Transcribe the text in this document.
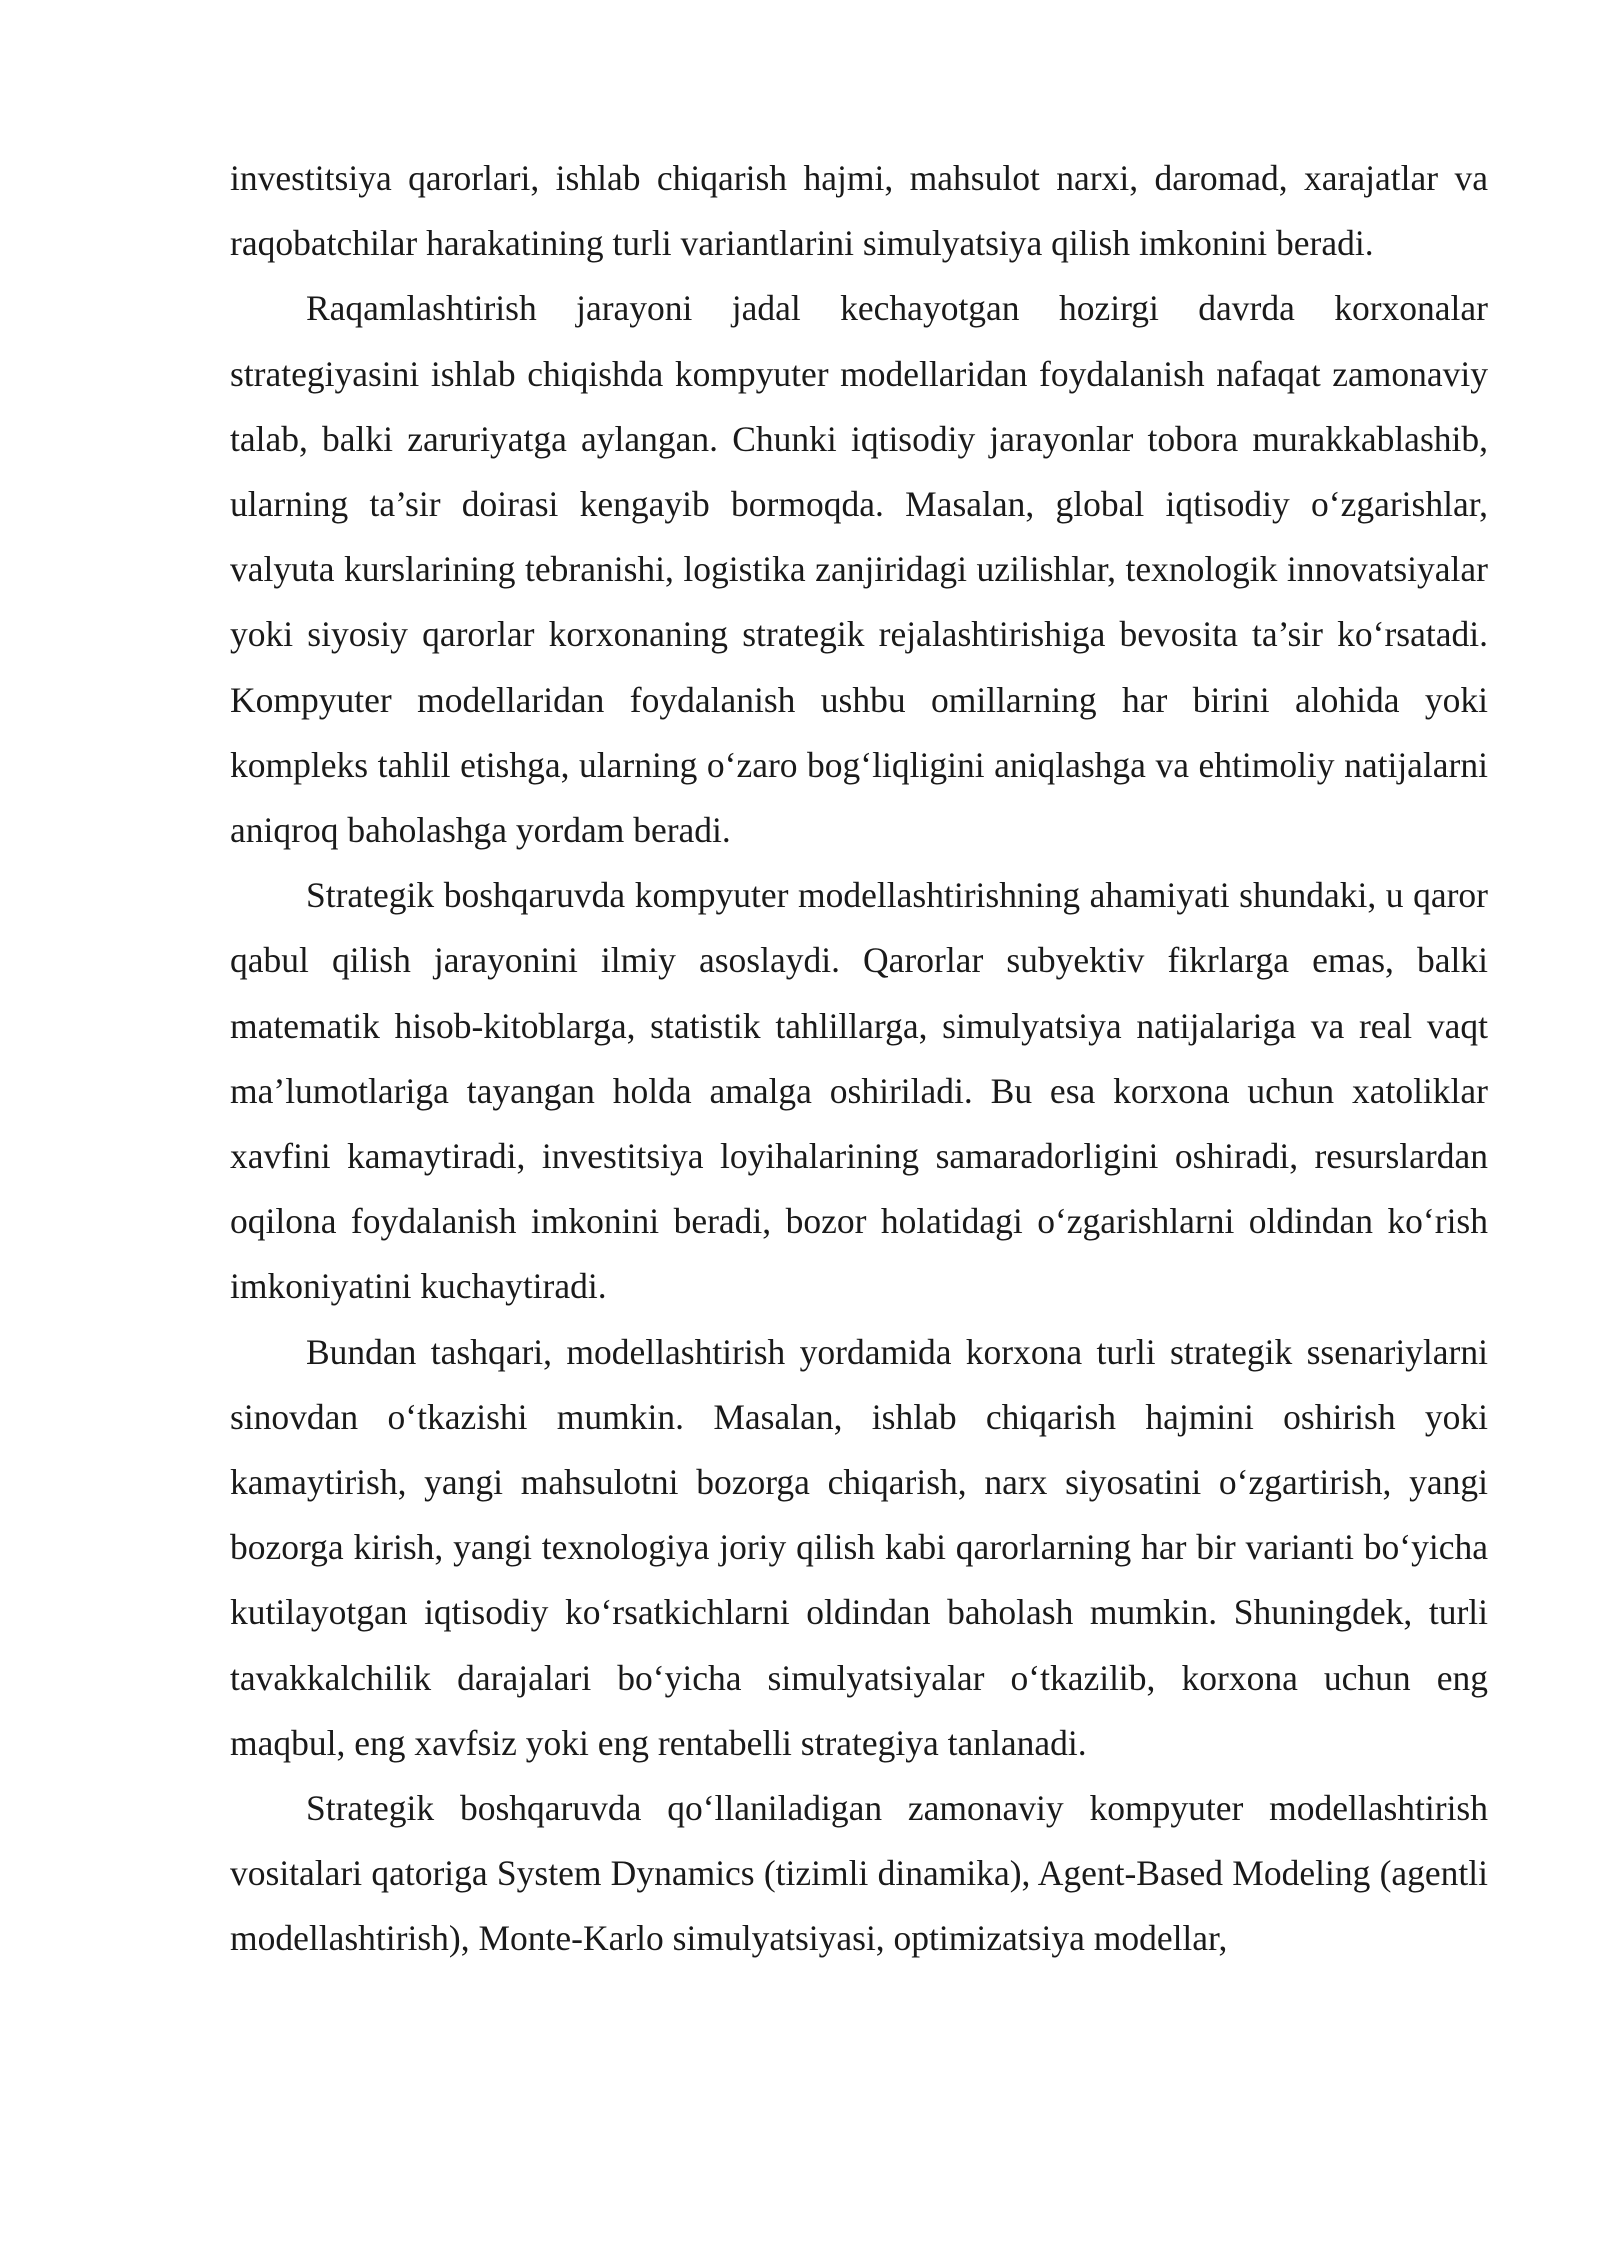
investitsiya qarorlari, ishlab chiqarish hajmi, mahsulot narxi, daromad, xarajatlar va raqobatchilar harakatining turli variantlarini simulyatsiya qilish imkonini beradi.

Raqamlashtirish jarayoni jadal kechayotgan hozirgi davrda korxonalar strategiyasini ishlab chiqishda kompyuter modellaridan foydalanish nafaqat zamonaviy talab, balki zaruriyatga aylangan. Chunki iqtisodiy jarayonlar tobora murakkablashib, ularning ta’sir doirasi kengayib bormoqda. Masalan, global iqtisodiy o‘zgarishlar, valyuta kurslarining tebranishi, logistika zanjiridagi uzilishlar, texnologik innovatsiyalar yoki siyosiy qarorlar korxonaning strategik rejalashtirishiga bevosita ta’sir ko‘rsatadi. Kompyuter modellaridan foydalanish ushbu omillarning har birini alohida yoki kompleks tahlil etishga, ularning o‘zaro bog‘liqligini aniqlashga va ehtimoliy natijalarni aniqroq baholashga yordam beradi.

Strategik boshqaruvda kompyuter modellashtirishning ahamiyati shundaki, u qaror qabul qilish jarayonini ilmiy asoslaydi. Qarorlar subyektiv fikrlarga emas, balki matematik hisob-kitoblarga, statistik tahlillarga, simulyatsiya natijalariga va real vaqt ma’lumotlariga tayangan holda amalga oshiriladi. Bu esa korxona uchun xatoliklar xavfini kamaytiradi, investitsiya loyihalarining samaradorligini oshiradi, resurslardan oqilona foydalanish imkonini beradi, bozor holatidagi o‘zgarishlarni oldindan ko‘rish imkoniyatini kuchaytiradi.

Bundan tashqari, modellashtirish yordamida korxona turli strategik ssenariylarni sinovdan o‘tkazishi mumkin. Masalan, ishlab chiqarish hajmini oshirish yoki kamaytirish, yangi mahsulotni bozorga chiqarish, narx siyosatini o‘zgartirish, yangi bozorga kirish, yangi texnologiya joriy qilish kabi qarorlarning har bir varianti bo‘yicha kutilayotgan iqtisodiy ko‘rsatkichlarni oldindan baholash mumkin. Shuningdek, turli tavakkalchilik darajalari bo‘yicha simulyatsiyalar o‘tkazilib, korxona uchun eng maqbul, eng xavfsiz yoki eng rentabelli strategiya tanlanadi.

Strategik boshqaruvda qo‘llaniladigan zamonaviy kompyuter modellashtirish vositalari qatoriga System Dynamics (tizimli dinamika), Agent-Based Modeling (agentli modellashtirish), Monte-Karlo simulyatsiyasi, optimizatsiya modellar,
